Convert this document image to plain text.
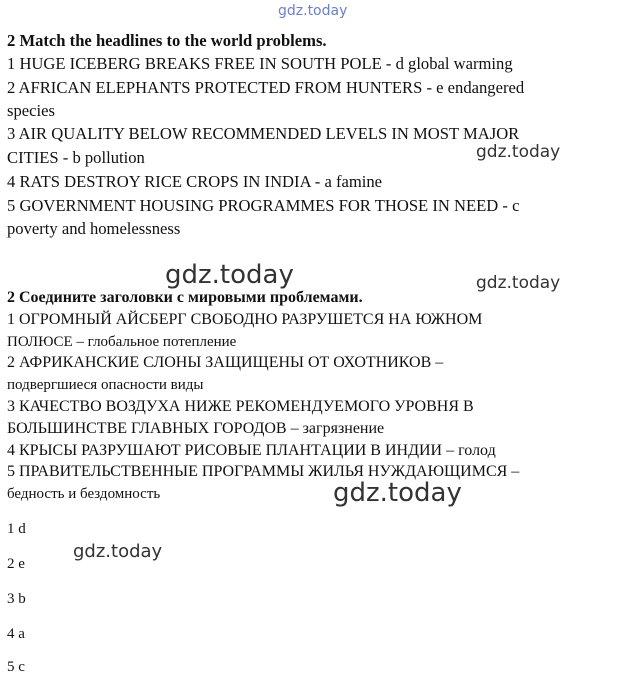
gdz.today
gdz.today
gdz.today	gdz.today
gdz.today
gdz.today
2 Match the headlines to the world problems.
1 HUGE ICEBERG BREAKS FREE IN SOUTH POLE - d global warming
2 AFRICAN ELEPHANTS PROTECTED FROM HUNTERS - e endangered
species
3 AIR QUALITY BELOW RECOMMENDED LEVELS IN MOST MAJOR
CITIES - b pollution
4 RATS DESTROY RICE CROPS IN INDIA - a famine
5 GOVERNMENT HOUSING PROGRAMMES FOR THOSE IN NEED - c
poverty and homelessness
2 Соедините заголовки с мировыми проблемами.
1 ОГРОМНЫЙ АЙСБЕРГ СВОБОДНО РАЗРУШЕТСЯ НА ЮЖНОМ
ПОЛЮСЕ – глобальное потепление
2 АФРИКАНСКИЕ СЛОНЫ ЗАЩИЩЕНЫ ОТ ОХОТНИКОВ –
подвергшиеся опасности виды
3 КАЧЕСТВО ВОЗДУХА НИЖЕ РЕКОМЕНДУЕМОГО УРОВНЯ В
БОЛЬШИНСТВЕ ГЛАВНЫХ ГОРОДОВ – загрязнение
4 КРЫСЫ РАЗРУШАЮТ РИСОВЫЕ ПЛАНТАЦИИ В ИНДИИ – голод
5 ПРАВИТЕЛЬСТВЕННЫЕ ПРОГРАММЫ ЖИЛЬЯ НУЖДАЮЩИМСЯ –
бедность и бездомность
1 d
2 e
3 b
4 a
5 c
